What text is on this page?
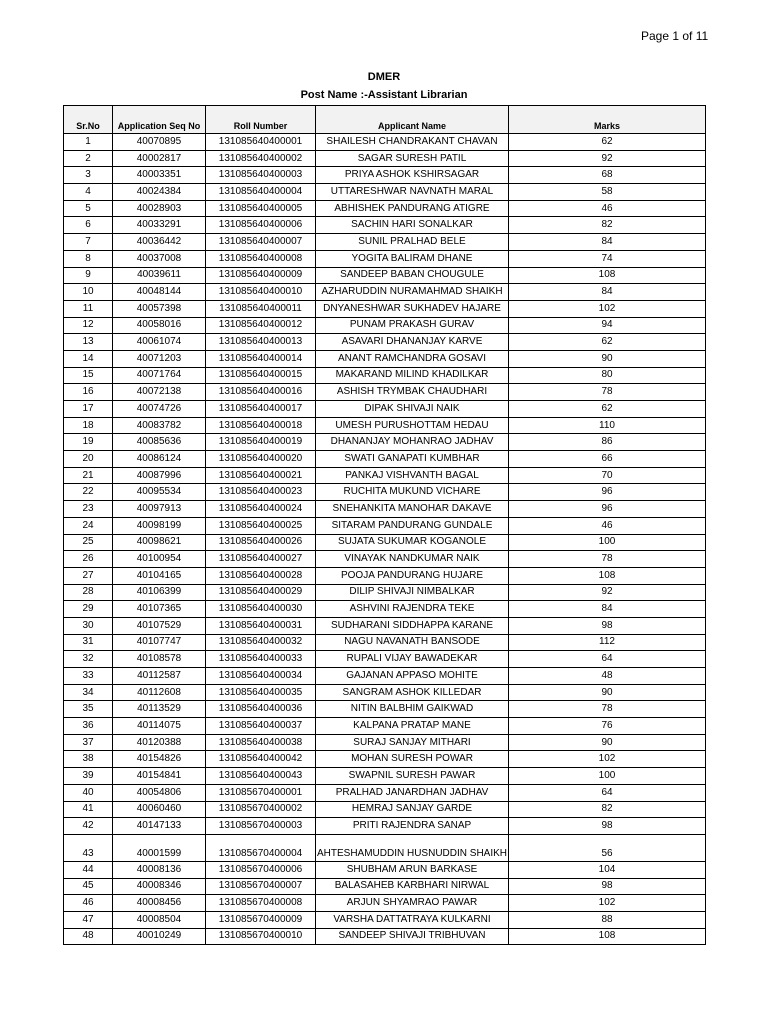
Page 1 of 11
DMER
Post Name :-Assistant Librarian
Sr.No	Application Seq No	Roll Number	Applicant Name	Marks
1	40070895	131085640400001	SHAILESH CHANDRAKANT CHAVAN	62
2	40002817	131085640400002	SAGAR SURESH PATIL	92
3	40003351	131085640400003	PRIYA ASHOK KSHIRSAGAR	68
4	40024384	131085640400004	UTTARESHWAR NAVNATH MARAL	58
5	40028903	131085640400005	ABHISHEK PANDURANG ATIGRE	46
6	40033291	131085640400006	SACHIN HARI SONALKAR	82
7	40036442	131085640400007	SUNIL PRALHAD BELE	84
8	40037008	131085640400008	YOGITA BALIRAM DHANE	74
9	40039611	131085640400009	SANDEEP BABAN CHOUGULE	108
10	40048144	131085640400010	AZHARUDDIN NURAMAHMAD SHAIKH	84
11	40057398	131085640400011	DNYANESHWAR SUKHADEV HAJARE	102
12	40058016	131085640400012	PUNAM PRAKASH GURAV	94
13	40061074	131085640400013	ASAVARI DHANANJAY KARVE	62
14	40071203	131085640400014	ANANT RAMCHANDRA GOSAVI	90
15	40071764	131085640400015	MAKARAND MILIND KHADILKAR	80
16	40072138	131085640400016	ASHISH TRYMBAK CHAUDHARI	78
17	40074726	131085640400017	DIPAK SHIVAJI NAIK	62
18	40083782	131085640400018	UMESH PURUSHOTTAM HEDAU	110
19	40085636	131085640400019	DHANANJAY MOHANRAO JADHAV	86
20	40086124	131085640400020	SWATI GANAPATI KUMBHAR	66
21	40087996	131085640400021	PANKAJ VISHVANTH BAGAL	70
22	40095534	131085640400023	RUCHITA MUKUND VICHARE	96
23	40097913	131085640400024	SNEHANKITA MANOHAR DAKAVE	96
24	40098199	131085640400025	SITARAM PANDURANG GUNDALE	46
25	40098621	131085640400026	SUJATA SUKUMAR KOGANOLE	100
26	40100954	131085640400027	VINAYAK NANDKUMAR NAIK	78
27	40104165	131085640400028	POOJA PANDURANG HUJARE	108
28	40106399	131085640400029	DILIP SHIVAJI NIMBALKAR	92
29	40107365	131085640400030	ASHVINI RAJENDRA TEKE	84
30	40107529	131085640400031	SUDHARANI SIDDHAPPA KARANE	98
31	40107747	131085640400032	NAGU NAVANATH BANSODE	112
32	40108578	131085640400033	RUPALI VIJAY BAWADEKAR	64
33	40112587	131085640400034	GAJANAN APPASO MOHITE	48
34	40112608	131085640400035	SANGRAM ASHOK KILLEDAR	90
35	40113529	131085640400036	NITIN BALBHIM GAIKWAD	78
36	40114075	131085640400037	KALPANA PRATAP MANE	76
37	40120388	131085640400038	SURAJ SANJAY MITHARI	90
38	40154826	131085640400042	MOHAN SURESH POWAR	102
39	40154841	131085640400043	SWAPNIL SURESH PAWAR	100
40	40054806	131085670400001	PRALHAD JANARDHAN JADHAV	64
41	40060460	131085670400002	HEMRAJ SANJAY GARDE	82
42	40147133	131085670400003	PRITI RAJENDRA SANAP	98
43	40001599	131085670400004	AHTESHAMUDDIN HUSNUDDIN SHAIKH	56
44	40008136	131085670400006	SHUBHAM ARUN BARKASE	104
45	40008346	131085670400007	BALASAHEB KARBHARI NIRWAL	98
46	40008456	131085670400008	ARJUN SHYAMRAO PAWAR	102
47	40008504	131085670400009	VARSHA DATTATRAYA KULKARNI	88
48	40010249	131085670400010	SANDEEP SHIVAJI TRIBHUVAN	108
